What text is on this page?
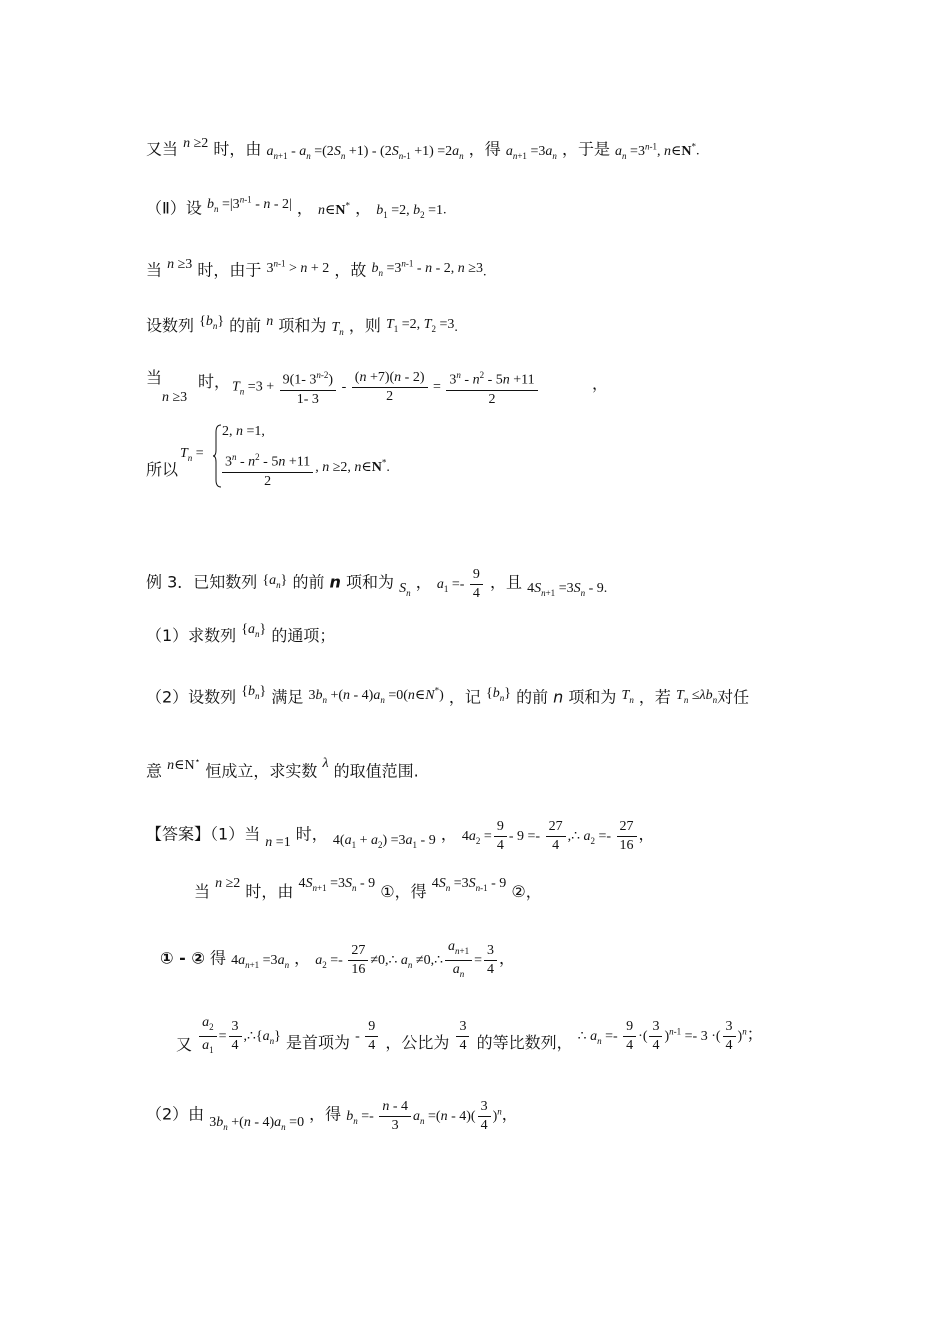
又当 n ≥2 时，由 $a_{n+1} - a_n =(2S_n +1) - (2S_{n-1} +1) =2a_n$ ，得 $a_{n+1} =3a_n$ ，于是 $a_n =3^{n-1}$, n∈N*.
（Ⅱ）设 $b_n =|3^{n-1} - n - 2|$ ， n∈N* ， $b_1 =2$, $b_2 =1$.
当 n ≥3 时，由于 $3^{n-1} > n + 2$ ，故 $b_n =3^{n-1} - n - 2$, n ≥3.
设数列 $\{b_n\}$ 的前 n 项和为 $T_n$ ，则 $T_1 =2$, $T_2 =3$.
当
n ≥3
时， $T_n =3 + \frac{9(1- 3^{n-2})}{1- 3} - \frac{(n +7)(n - 2)}{2} = \frac{3^n - n^2 - 5n +11}{2}$	，
所以
$T_n$ =
2, n =1,
$\frac{3^n - n^2 - 5n +11}{2}$ , n ≥2, n∈N*.
例 3．已知数列 $\{a_n\}$ 的前 n 项和为 $S_n$ ， $a_1 =- \frac{9}{4}$ ，且 $4S_{n+1} =3S_n - 9$.
（1）求数列 $\{a_n\}$ 的通项；
（2）设数列 $\{b_n\}$ 满足 $3b_n +(n - 4)a_n$ =0(n∈N*) ，记 $\{b_n\}$ 的前 n 项和为 $T_n$ ，若 $T_n \le\lambda b_n$对任
意 n∈N⋆ 恒成立，求实数 λ 的取值范围.
【答案】（1）当 n =1 时， $4(a_1 + a_2) =3a_1 - 9$ ， $4a_2 = \frac{9}{4} - 9 =- \frac{27}{4}$ ,∴ $a_2 =- \frac{27}{16}$ ，
当 n ≥2 时，由 $4S_{n+1} =3S_n - 9$ ①，得 $4S_n =3S_{n-1} - 9$ ②，
① - ② 得 $4a_{n+1} =3a_n$ ， $a_2 =- \frac{27}{16}$ ≠0,∴ $a_n$ ≠0,∴ $\frac{a_{n+1}}{a_n} = \frac{3}{4}$ ，
又 $\frac{a_2}{a_1} = \frac{3}{4}$ $,\therefore\{a_n\}$ 是首项为 - $\frac{9}{4}$ ，公比为 $\frac{3}{4}$ 的等比数列， ∴ $a_n =- \frac{9}{4}$ ·( $\frac{3}{4} )^{n-1} =- 3$ ·( $\frac{3}{4} )^n$；
（2）由 $3b_n +(n - 4)a_n =0$ ，得 $b_n =- \frac{n - 4}{3} a_n =(n - 4)( \frac{3}{4} )^n$，
